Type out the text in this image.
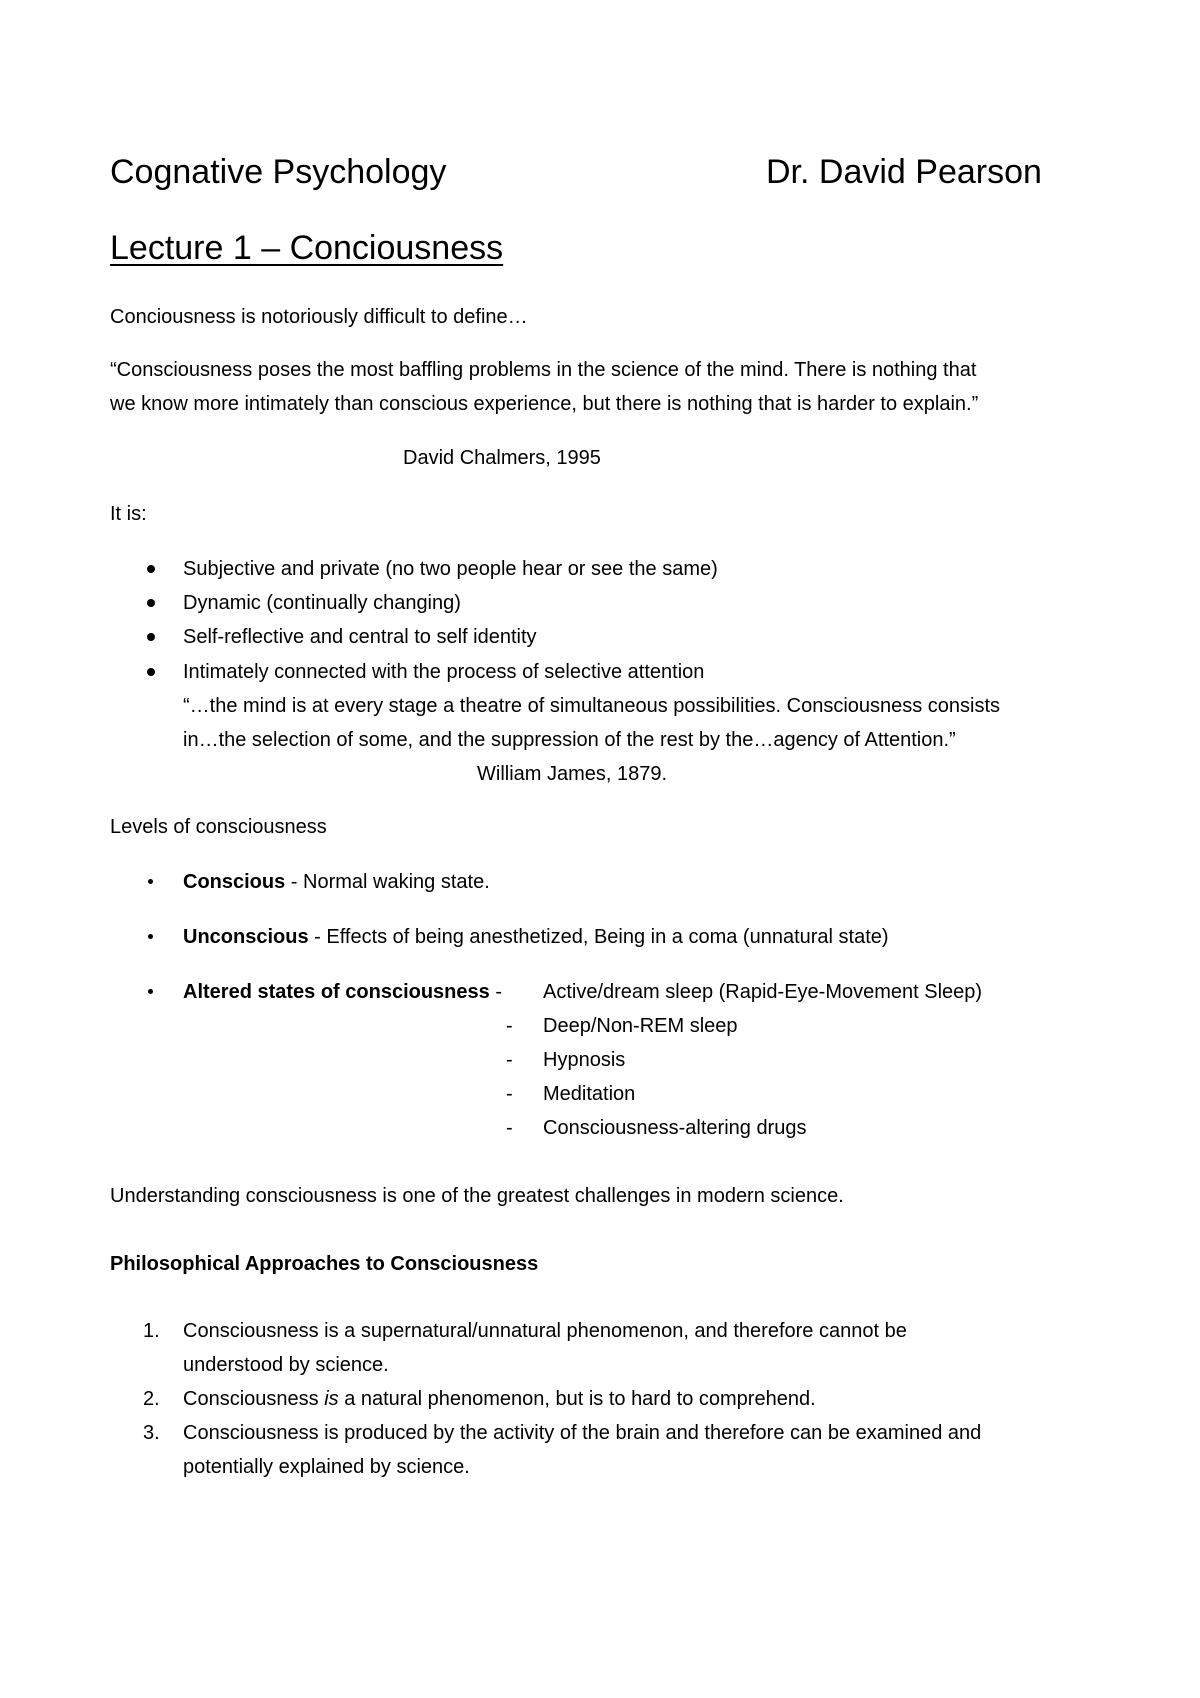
Cognative Psychology	Dr. David Pearson
Lecture 1 – Conciousness
Conciousness is notoriously difficult to define…
“Consciousness poses the most baffling problems in the science of the mind. There is nothing that
we know more intimately than conscious experience, but there is nothing that is harder to explain.”
David Chalmers, 1995
It is:
Subjective and private (no two people hear or see the same)
Dynamic (continually changing)
Self-reflective and central to self identity
Intimately connected with the process of selective attention
“…the mind is at every stage a theatre of simultaneous possibilities. Consciousness consists
in…the selection of some, and the suppression of the rest by the…agency of Attention.”
William James, 1879.
Levels of consciousness
Conscious - Normal waking state.
Unconscious - Effects of being anesthetized, Being in a coma (unnatural state)
Altered states of consciousness - Active/dream sleep (Rapid-Eye-Movement Sleep)
- Deep/Non-REM sleep
- Hypnosis
- Meditation
- Consciousness-altering drugs
Understanding consciousness is one of the greatest challenges in modern science.
Philosophical Approaches to Consciousness
1. Consciousness is a supernatural/unnatural phenomenon, and therefore cannot be
understood by science.
2. Consciousness is a natural phenomenon, but is to hard to comprehend.
3. Consciousness is produced by the activity of the brain and therefore can be examined and
potentially explained by science.
